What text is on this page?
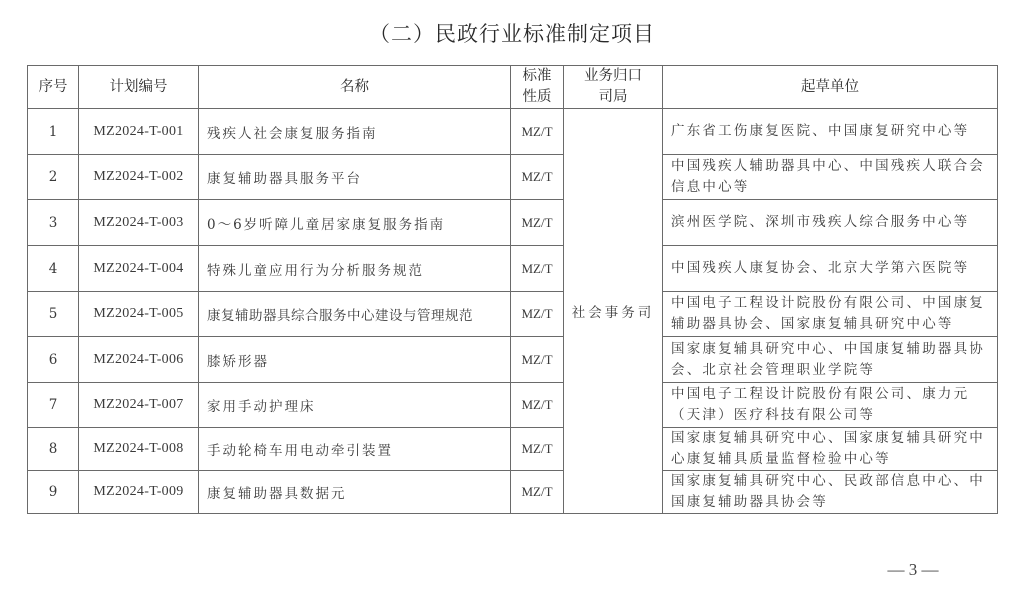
（二）民政行业标准制定项目
序号	计划编号	名称	标准性质	业务归口司局	起草单位
1	MZ2024-T-001	残疾人社会康复服务指南	MZ/T	社会事务司	广东省工伤康复医院、中国康复研究中心等
2	MZ2024-T-002	康复辅助器具服务平台	MZ/T		中国残疾人辅助器具中心、中国残疾人联合会信息中心等
3	MZ2024-T-003	0～6岁听障儿童居家康复服务指南	MZ/T		滨州医学院、深圳市残疾人综合服务中心等
4	MZ2024-T-004	特殊儿童应用行为分析服务规范	MZ/T		中国残疾人康复协会、北京大学第六医院等
5	MZ2024-T-005	康复辅助器具综合服务中心建设与管理规范	MZ/T		中国电子工程设计院股份有限公司、中国康复辅助器具协会、国家康复辅具研究中心等
6	MZ2024-T-006	膝矫形器	MZ/T		国家康复辅具研究中心、中国康复辅助器具协会、北京社会管理职业学院等
7	MZ2024-T-007	家用手动护理床	MZ/T		中国电子工程设计院股份有限公司、康力元（天津）医疗科技有限公司等
8	MZ2024-T-008	手动轮椅车用电动牵引装置	MZ/T		国家康复辅具研究中心、国家康复辅具研究中心康复辅具质量监督检验中心等
9	MZ2024-T-009	康复辅助器具数据元	MZ/T		国家康复辅具研究中心、民政部信息中心、中国康复辅助器具协会等
— 3 —
